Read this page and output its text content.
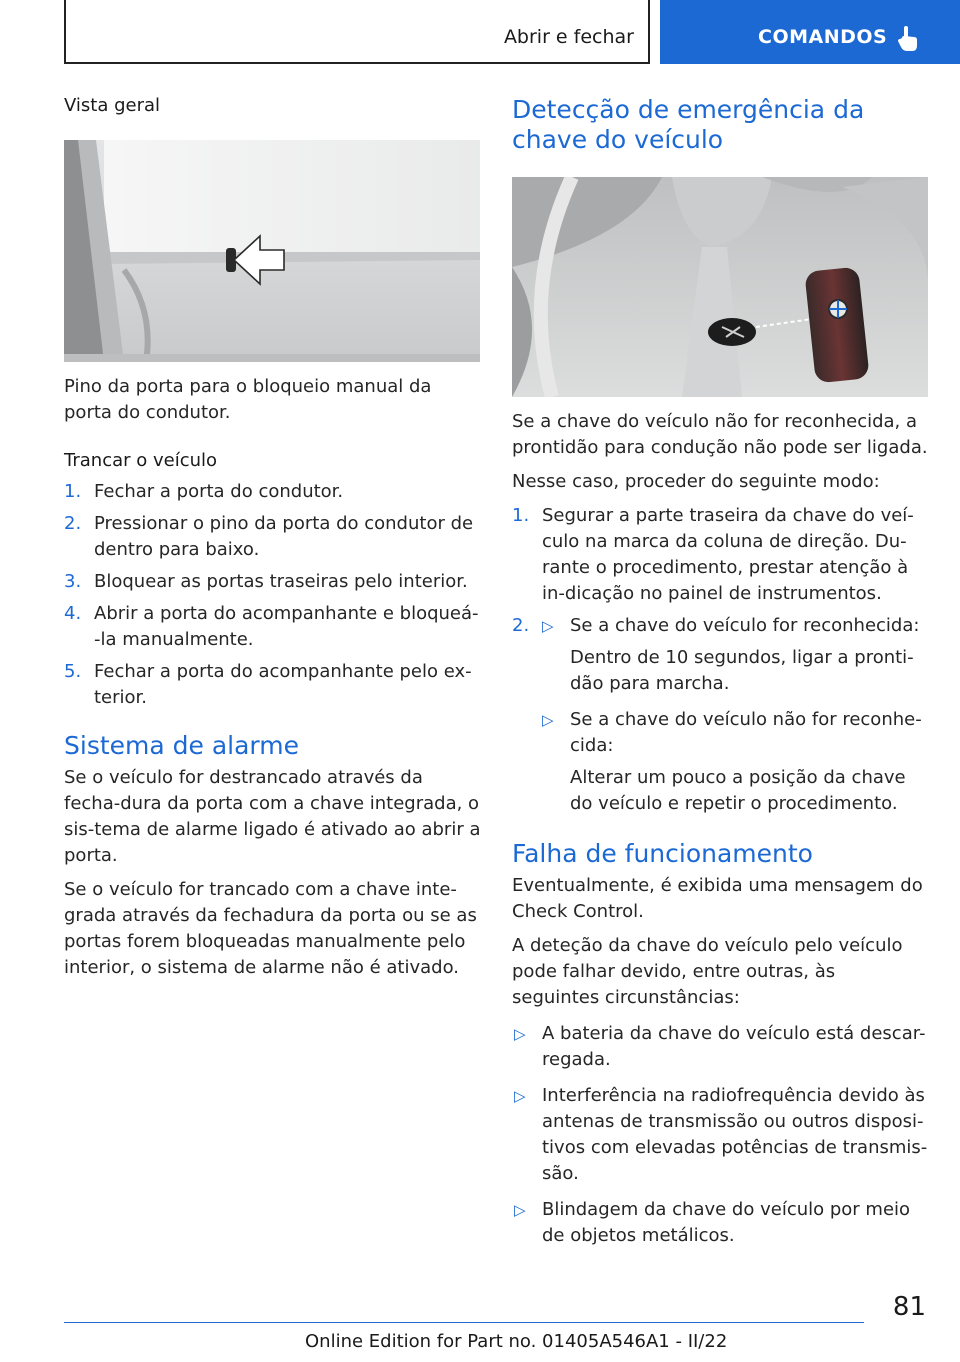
Abrir e fechar	COMANDOS

Vista geral

Pino da porta para o bloqueio manual da porta do condutor.

Trancar o veículo

1. Fechar a porta do condutor.
2. Pressionar o pino da porta do condutor de dentro para baixo.
3. Bloquear as portas traseiras pelo interior.
4. Abrir a porta do acompanhante e bloqueá--la manualmente.
5. Fechar a porta do acompanhante pelo ex-terior.
Sistema de alarme

Se o veículo for destrancado através da fecha-dura da porta com a chave integrada, o sis-tema de alarme ligado é ativado ao abrir a porta.

Se o veículo for trancado com a chave inte-grada através da fechadura da porta ou se as portas forem bloqueadas manualmente pelo interior, o sistema de alarme não é ativado.

Detecção de emergência da chave do veículo

Se a chave do veículo não for reconhecida, a prontidão para condução não pode ser ligada.

Nesse caso, proceder do seguinte modo:

1. Segurar a parte traseira da chave do veí-culo na marca da coluna de direção. Du-rante o procedimento, prestar atenção à in-dicação no painel de instrumentos.
2. ▷ Se a chave do veículo for reconhecida:
Dentro de 10 segundos, ligar a pronti-dão para marcha.
▷ Se a chave do veículo não for reconhe-cida:
Alterar um pouco a posição da chave do veículo e repetir o procedimento.
Falha de funcionamento

Eventualmente, é exibida uma mensagem do Check Control.

A deteção da chave do veículo pelo veículo pode falhar devido, entre outras, às seguintes circunstâncias:

▷ A bateria da chave do veículo está descar-regada.
▷ Interferência na radiofrequência devido às antenas de transmissão ou outros disposi-tivos com elevadas potências de transmis-são.
▷ Blindagem da chave do veículo por meio de objetos metálicos.
81
Online Edition for Part no. 01405A546A1 - II/22
